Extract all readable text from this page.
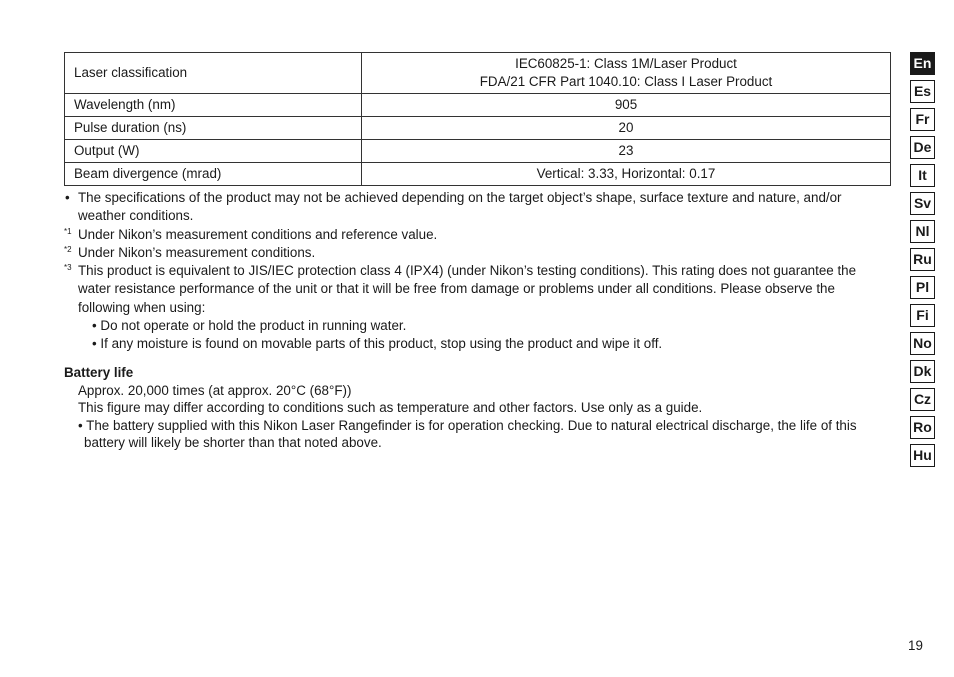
Laser classification	IEC60825-1: Class 1M/Laser Product
FDA/21 CFR Part 1040.10: Class I Laser Product

Wavelength (nm)	905

Pulse duration (ns)	20

Output (W)	23

Beam divergence (mrad)	Vertical: 3.33, Horizontal: 0.17
• The specifications of the product may not be achieved depending on the target object’s shape, surface texture and nature, and/or weather conditions.
*1 Under Nikon’s measurement conditions and reference value.
*2 Under Nikon’s measurement conditions.
*3 This product is equivalent to JIS/IEC protection class 4 (IPX4) (under Nikon’s testing conditions). This rating does not guarantee the water resistance performance of the unit or that it will be free from damage or problems under all conditions. Please observe the following when using:
• Do not operate or hold the product in running water.
• If any moisture is found on movable parts of this product, stop using the product and wipe it off.
Battery life
Approx. 20,000 times (at approx. 20°C (68°F))
This figure may differ according to conditions such as temperature and other factors. Use only as a guide.
• The battery supplied with this Nikon Laser Rangefinder is for operation checking. Due to natural electrical discharge, the life of this battery will likely be shorter than that noted above.
En
Es
Fr
De
It
Sv
Nl
Ru
Pl
Fi
No
Dk
Cz
Ro
Hu
19
